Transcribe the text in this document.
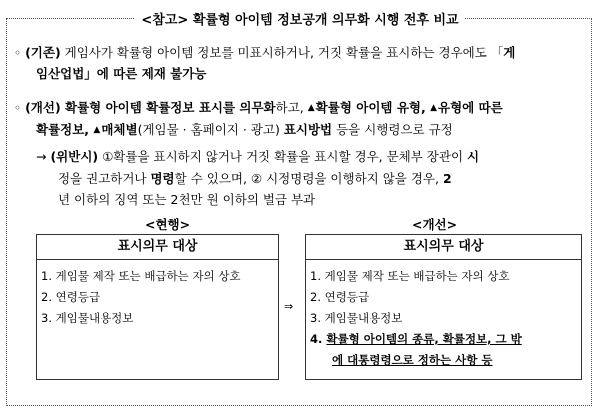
<참고> 확률형 아이템 정보공개 의무화 시행 전후 비교
◦ (기존) 게임사가 확률형 아이템 정보를 미표시하거나, 거짓 확률을 표시하는 경우에도 「게
임산업법」에 따른 제재 불가능
◦ (개선) 확률형 아이템 확률정보 표시를 의무화하고, ▲확률형 아이템 유형, ▲유형에 따른
확률정보, ▲매체별(게임물 · 홈페이지 · 광고) 표시방법 등을 시행령으로 규정
→ (위반시) ①확률을 표시하지 않거나 거짓 확률을 표시할 경우, 문체부 장관이 시
정을 권고하거나 명령할 수 있으며, ② 시정명령을 이행하지 않을 경우, 2
년 이하의 징역 또는 2천만 원 이하의 벌금 부과
<현행>	<개선>
표시의무 대상
1. 게임물 제작 또는 배급하는 자의 상호
2. 연령등급
3. 게임물내용정보
⇒
표시의무 대상
1. 게임물 제작 또는 배급하는 자의 상호
2. 연령등급
3. 게임물내용정보
4. 확률형 아이템의 종류, 확률정보, 그 밖
에 대통령령으로 정하는 사항 등
